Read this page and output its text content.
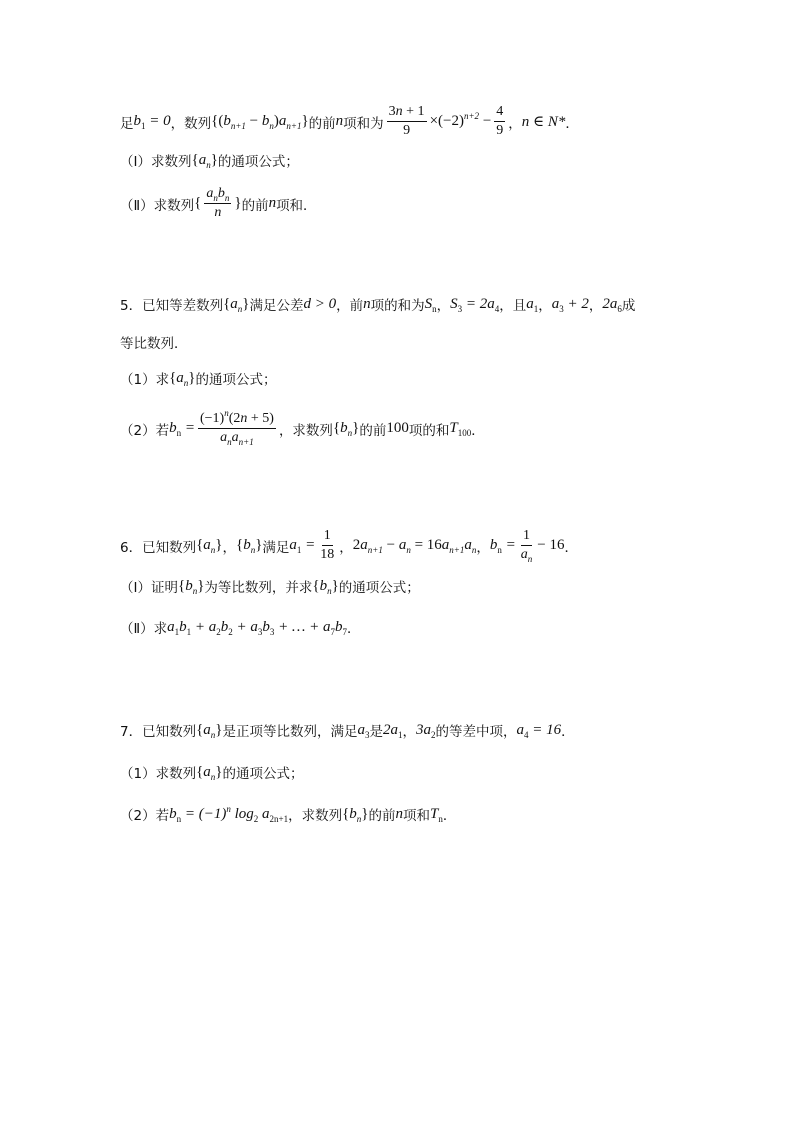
足 $b_1 = 0$ ，数列 $\{(b_{n+1} - b_n)a_{n+1}\}$ 的前 n 项和为 $\frac{3n + 1}{9} \times(-2)^{n+2} - \frac{4}{9}$ ， n ∈ N* ．
（Ⅰ）求数列 $\{a_n\}$ 的通项公式；
（Ⅱ）求数列 { $\frac{a_nb_n}{n}$ } 的前 n 项和．
5．已知等差数列 $\{a_n\}$ 满足公差 d > 0 ，前 n 项的和为 $S_n$ ， $S_3 = 2a_4$ ，且 $a_1$ ， $a_3 + 2$ ， $2a_6$ 成
等比数列．
（1）求 $\{a_n\}$ 的通项公式；
（2）若 $b_n = \frac{(-1)^n(2n + 5)}{a_na_{n+1}}$ ，求数列 $\{b_n\}$ 的前 100 项的和 $T_{100}$ ．
6．已知数列 $\{a_n\}$ ， $\{b_n\}$ 满足 $a_1 = \frac{1}{18}$ ， $2a_{n+1} - a_n = 16a_{n+1}a_n$ ， $b_n = \frac{1}{a_n} - 16$ ．
（Ⅰ）证明 $\{b_n\}$ 为等比数列，并求 $\{b_n\}$ 的通项公式；
（Ⅱ）求 $a_1b_1 + a_2b_2 + a_3b_3$ + … + $a_7b_7$ ．
7．已知数列 $\{a_n\}$ 是正项等比数列，满足 $a_3$ 是 $2a_1$ ， $3a_2$ 的等差中项， $a_4 = 16$ ．
（1）求数列 $\{a_n\}$ 的通项公式；
（2）若 $b_n = (-1)^n$ $\log_2 a_{2n+1}$ ，求数列 $\{b_n\}$ 的前 n 项和 $T_n$ ．
